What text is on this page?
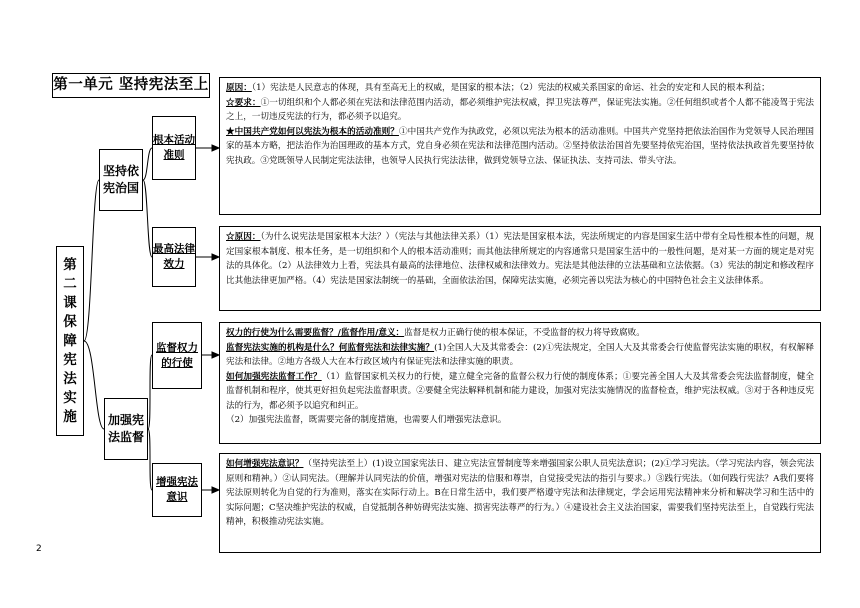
第一单元 坚持宪法至上
第二课 保障宪法实施
坚持依宪治国
加强宪法监督
根本活动准则
最高法律效力
监督权力的行使
增强宪法意识

原因：（1）宪法是人民意志的体现，具有至高无上的权威，是国家的根本法；（2）宪法的权威关系国家的命运、社会的安定和人民的根本利益；

☆要求：①一切组织和个人都必须在宪法和法律范围内活动，都必须维护宪法权威，捍卫宪法尊严，保证宪法实施。②任何组织或者个人都不能凌驾于宪法之上，一切违反宪法的行为，都必须予以追究。

★中国共产党如何以宪法为根本的活动准则？①中国共产党作为执政党，必须以宪法为根本的活动准则。中国共产党坚持把依法治国作为党领导人民治理国家的基本方略，把法治作为治国理政的基本方式，党自身必须在宪法和法律范围内活动。②坚持依法治国首先要坚持依宪治国，坚持依法执政首先要坚持依宪执政。③党既领导人民制定宪法法律，也领导人民执行宪法法律，做到党领导立法、保证执法、支持司法、带头守法。

☆原因：（为什么说宪法是国家根本大法？）（宪法与其他法律关系）（1）宪法是国家根本法，宪法所规定的内容是国家生活中带有全局性根本性的问题，规定国家根本制度、根本任务，是一切组织和个人的根本活动准则；而其他法律所规定的内容通常只是国家生活中的一般性问题，是对某一方面的规定是对宪法的具体化。（2）从法律效力上看，宪法具有最高的法律地位、法律权威和法律效力。宪法是其他法律的立法基础和立法依据。（3）宪法的制定和修改程序比其他法律更加严格。（4）宪法是国家法制统一的基础，全面依法治国，保障宪法实施，必须完善以宪法为核心的中国特色社会主义法律体系。

权力的行使为什么需要监督？/监督作用/意义：监督是权力正确行使的根本保证，不受监督的权力将导致腐败。

监督宪法实施的机构是什么？何监督宪法和法律实施？(1)全国人大及其常委会：(2)①宪法规定，全国人大及其常委会行使监督宪法实施的职权，有权解释宪法和法律。②地方各级人大在本行政区域内有保证宪法和法律实施的职责。

如何加强宪法监督工作？（1）监督国家机关权力的行使，建立健全完备的监督公权力行使的制度体系；①要完善全国人大及其常委会宪法监督制度，健全监督机制和程序，使其更好担负起宪法监督职责。②要健全宪法解释机制和能力建设，加强对宪法实施情况的监督检查，维护宪法权威。③对于各种违反宪法的行为，都必须予以追究和纠正。

（2）加强宪法监督，既需要完备的制度措施，也需要人们增强宪法意识。

如何增强宪法意识？（坚持宪法至上）(1)设立国家宪法日、建立宪法宣誓制度等来增强国家公职人员宪法意识；(2)①学习宪法。（学习宪法内容，领会宪法原则和精神。）②认同宪法。（理解并认同宪法的价值，增强对宪法的信服和尊崇，自觉接受宪法的指引与要求。）③践行宪法。（如何践行宪法？A我们要将宪法原则转化为自觉的行为准则，落实在实际行动上。B在日常生活中，我们要严格遵守宪法和法律规定，学会运用宪法精神来分析和解决学习和生活中的实际问题；C坚决维护宪法的权威，自觉抵制各种妨碍宪法实施、损害宪法尊严的行为。）④建设社会主义法治国家，需要我们坚持宪法至上，自觉践行宪法精神，积极推动宪法实施。

2
